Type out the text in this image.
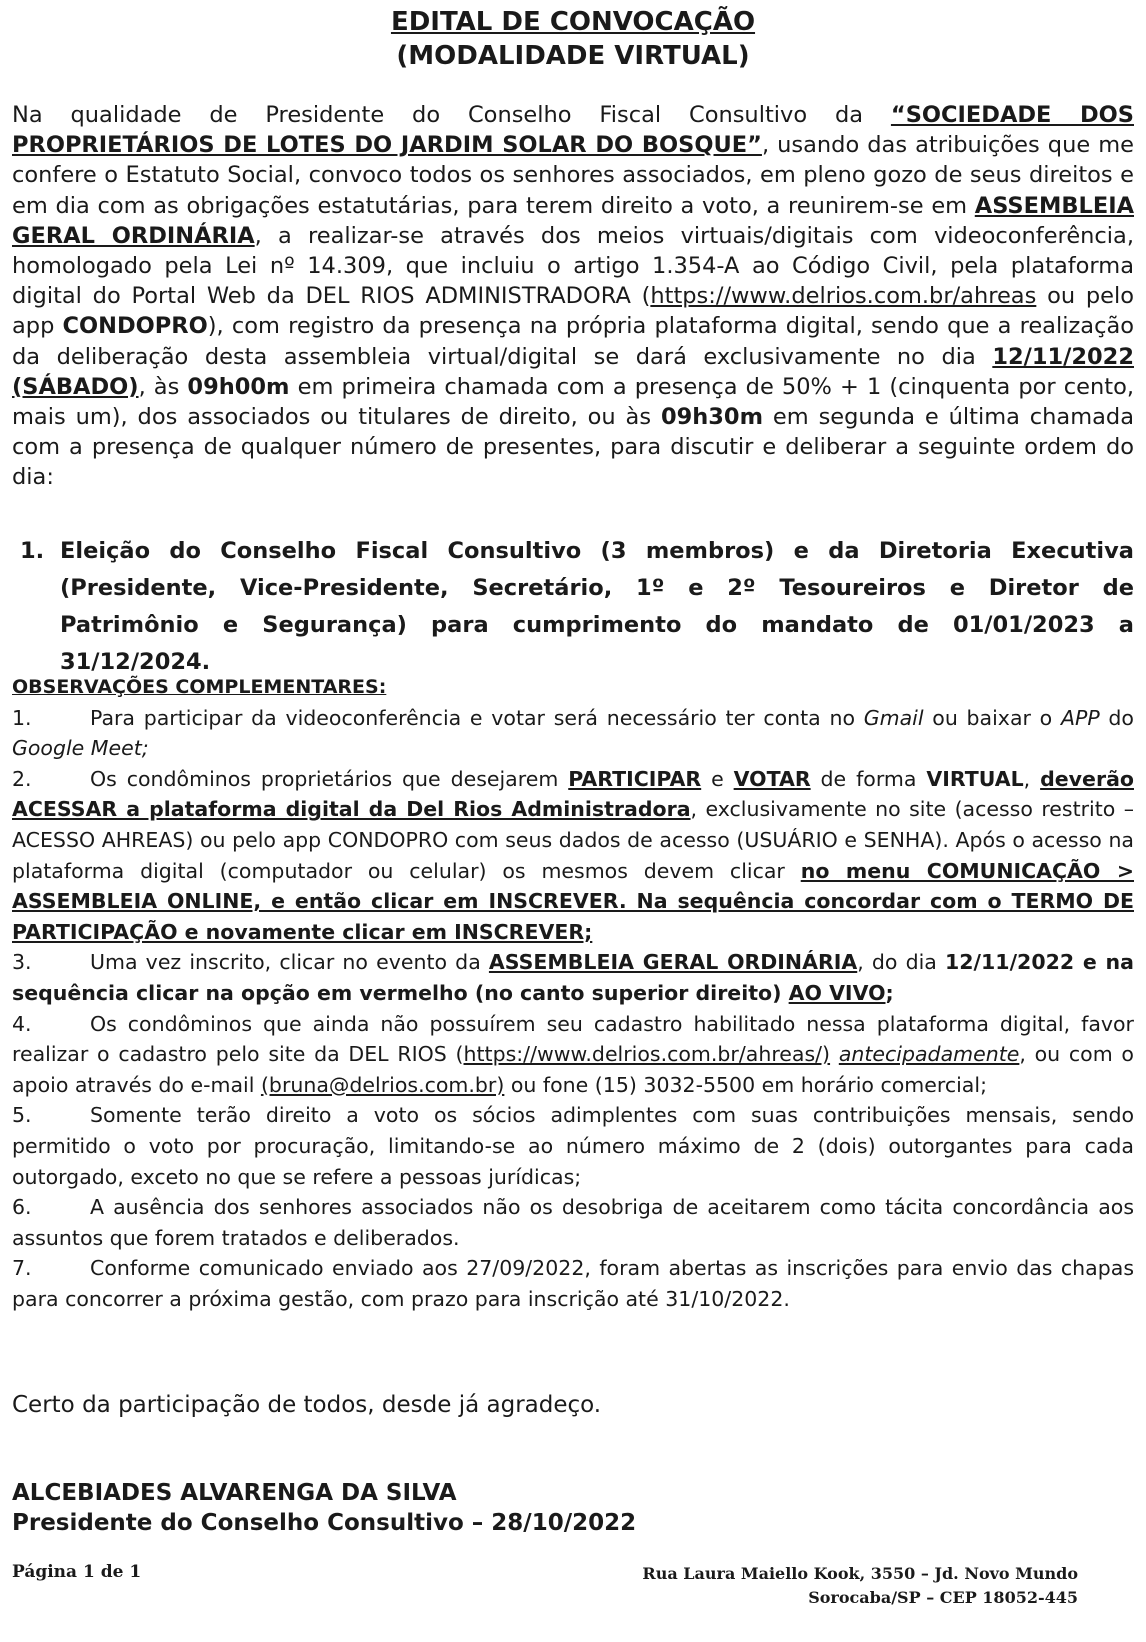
EDITAL DE CONVOCAÇÃO
(MODALIDADE VIRTUAL)
Na qualidade de Presidente do Conselho Fiscal Consultivo da “SOCIEDADE DOS PROPRIETÁRIOS DE LOTES DO JARDIM SOLAR DO BOSQUE”, usando das atribuições que me confere o Estatuto Social, convoco todos os senhores associados, em pleno gozo de seus direitos e em dia com as obrigações estatutárias, para terem direito a voto, a reunirem-se em ASSEMBLEIA GERAL ORDINÁRIA, a realizar-se através dos meios virtuais/digitais com videoconferência, homologado pela Lei nº 14.309, que incluiu o artigo 1.354-A ao Código Civil, pela plataforma digital do Portal Web da DEL RIOS ADMINISTRADORA (https://www.delrios.com.br/ahreas ou pelo app CONDOPRO), com registro da presença na própria plataforma digital, sendo que a realização da deliberação desta assembleia virtual/digital se dará exclusivamente no dia 12/11/2022 (SÁBADO), às 09h00m em primeira chamada com a presença de 50% + 1 (cinquenta por cento, mais um), dos associados ou titulares de direito, ou às 09h30m em segunda e última chamada com a presença de qualquer número de presentes, para discutir e deliberar a seguinte ordem do dia:
1. Eleição do Conselho Fiscal Consultivo (3 membros) e da Diretoria Executiva (Presidente, Vice-Presidente, Secretário, 1º e 2º Tesoureiros e Diretor de Patrimônio e Segurança) para cumprimento do mandato de 01/01/2023 a 31/12/2024.
OBSERVAÇÕES COMPLEMENTARES:

1.	Para participar da videoconferência e votar será necessário ter conta no Gmail ou baixar o APP do Google Meet;

2.	Os condôminos proprietários que desejarem PARTICIPAR e VOTAR de forma VIRTUAL, deverão ACESSAR a plataforma digital da Del Rios Administradora, exclusivamente no site (acesso restrito – ACESSO AHREAS) ou pelo app CONDOPRO com seus dados de acesso (USUÁRIO e SENHA). Após o acesso na plataforma digital (computador ou celular) os mesmos devem clicar no menu COMUNICAÇÃO > ASSEMBLEIA ONLINE, e então clicar em INSCREVER. Na sequência concordar com o TERMO DE PARTICIPAÇÃO e novamente clicar em INSCREVER;

3.	Uma vez inscrito, clicar no evento da ASSEMBLEIA GERAL ORDINÁRIA, do dia 12/11/2022 e na sequência clicar na opção em vermelho (no canto superior direito) AO VIVO;

4.	Os condôminos que ainda não possuírem seu cadastro habilitado nessa plataforma digital, favor realizar o cadastro pelo site da DEL RIOS (https://www.delrios.com.br/ahreas/) antecipadamente, ou com o apoio através do e-mail (bruna@delrios.com.br) ou fone (15) 3032-5500 em horário comercial;

5.	Somente terão direito a voto os sócios adimplentes com suas contribuições mensais, sendo permitido o voto por procuração, limitando-se ao número máximo de 2 (dois) outorgantes para cada outorgado, exceto no que se refere a pessoas jurídicas;

6.	A ausência dos senhores associados não os desobriga de aceitarem como tácita concordância aos assuntos que forem tratados e deliberados.

7.	Conforme comunicado enviado aos 27/09/2022, foram abertas as inscrições para envio das chapas para concorrer a próxima gestão, com prazo para inscrição até 31/10/2022.

Certo da participação de todos, desde já agradeço.
ALCEBIADES ALVARENGA DA SILVA
Presidente do Conselho Consultivo – 28/10/2022
Página 1 de 1	Rua Laura Maiello Kook, 3550 – Jd. Novo Mundo
Sorocaba/SP – CEP 18052-445
